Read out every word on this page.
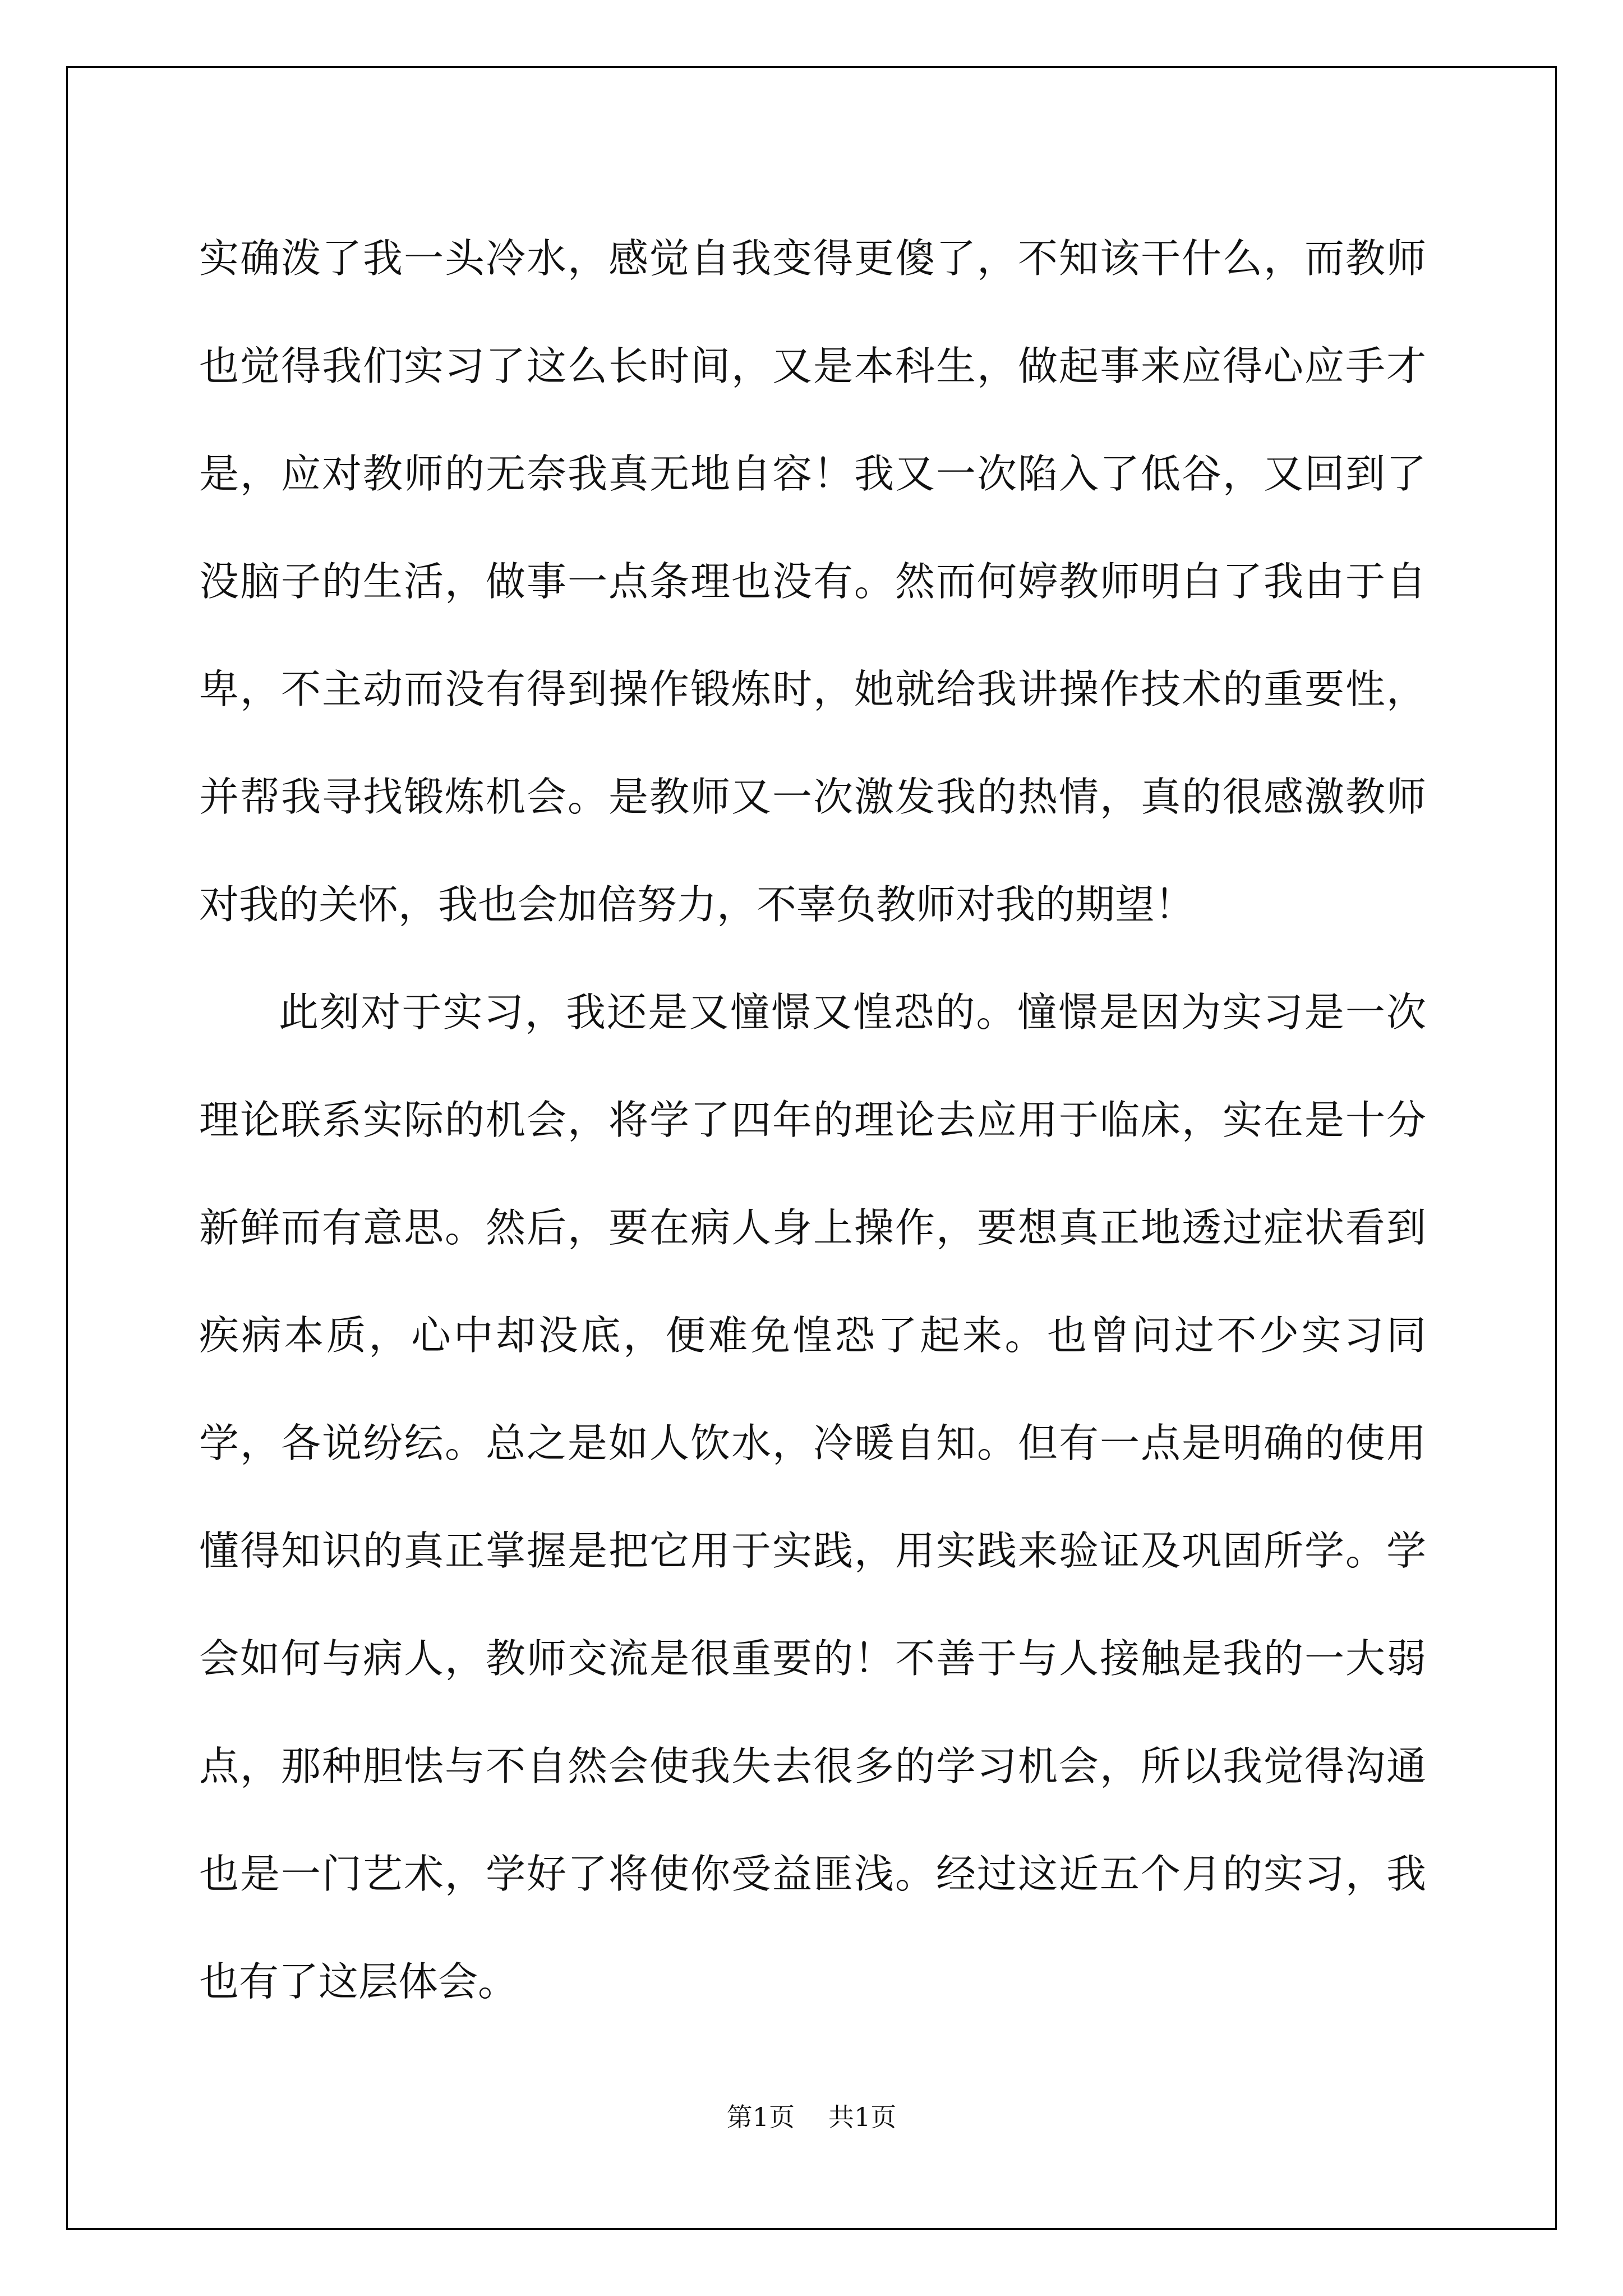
实确泼了我一头冷水，感觉自我变得更傻了，不知该干什么，而教师也觉得我们实习了这么长时间，又是本科生，做起事来应得心应手才是，应对教师的无奈我真无地自容！我又一次陷入了低谷，又回到了没脑子的生活，做事一点条理也没有。然而何婷教师明白了我由于自卑，不主动而没有得到操作锻炼时，她就给我讲操作技术的重要性，并帮我寻找锻炼机会。是教师又一次激发我的热情，真的很感激教师对我的关怀，我也会加倍努力，不辜负教师对我的期望！

此刻对于实习，我还是又憧憬又惶恐的。憧憬是因为实习是一次理论联系实际的机会，将学了四年的理论去应用于临床，实在是十分新鲜而有意思。然后，要在病人身上操作，要想真正地透过症状看到疾病本质，心中却没底，便难免惶恐了起来。也曾问过不少实习同学，各说纷纭。总之是如人饮水，冷暖自知。但有一点是明确的使用懂得知识的真正掌握是把它用于实践，用实践来验证及巩固所学。学会如何与病人，教师交流是很重要的！不善于与人接触是我的一大弱点，那种胆怯与不自然会使我失去很多的学习机会，所以我觉得沟通也是一门艺术，学好了将使你受益匪浅。经过这近五个月的实习，我也有了这层体会。

第1页 共1页
